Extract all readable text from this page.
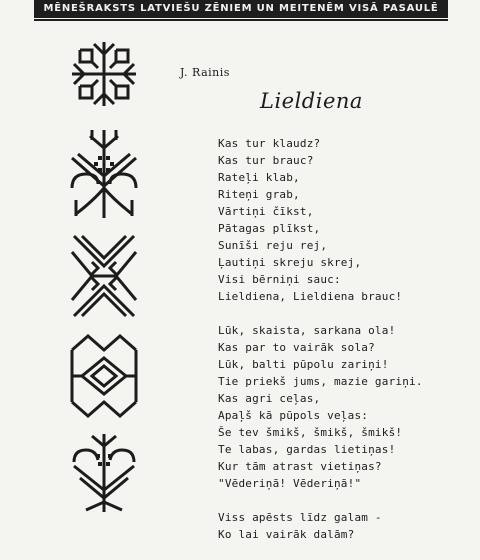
MĒNEŠRAKSTS LATVIEŠU ZĒNIEM UN MEITENĒM VISĀ PASAULĒ
J. Rainis
Lieldiena
Kas tur klaudz?
Kas tur brauc?
Rateļi klab,
Riteņi grab,
Vārtiņi čīkst,
Pātagas plīkst,
Sunīši reju rej,
Ļautiņi skreju skrej,
Visi bērniņi sauc:
Lieldiena, Lieldiena brauc!
Lūk, skaista, sarkana ola!
Kas par to vairāk sola?
Lūk, balti pūpolu zariņi!
Tie priekš jums, mazie gariņi.
Kas agri ceļas,
Apaļš kā pūpols veļas:
Še tev šmikš, šmikš, šmikš!
Te labas, gardas lietiņas!
Kur tām atrast vietiņas?
"Vēderiņā! Vēderiņā!"
Viss apēsts līdz galam -
Ko lai vairāk dalām?
